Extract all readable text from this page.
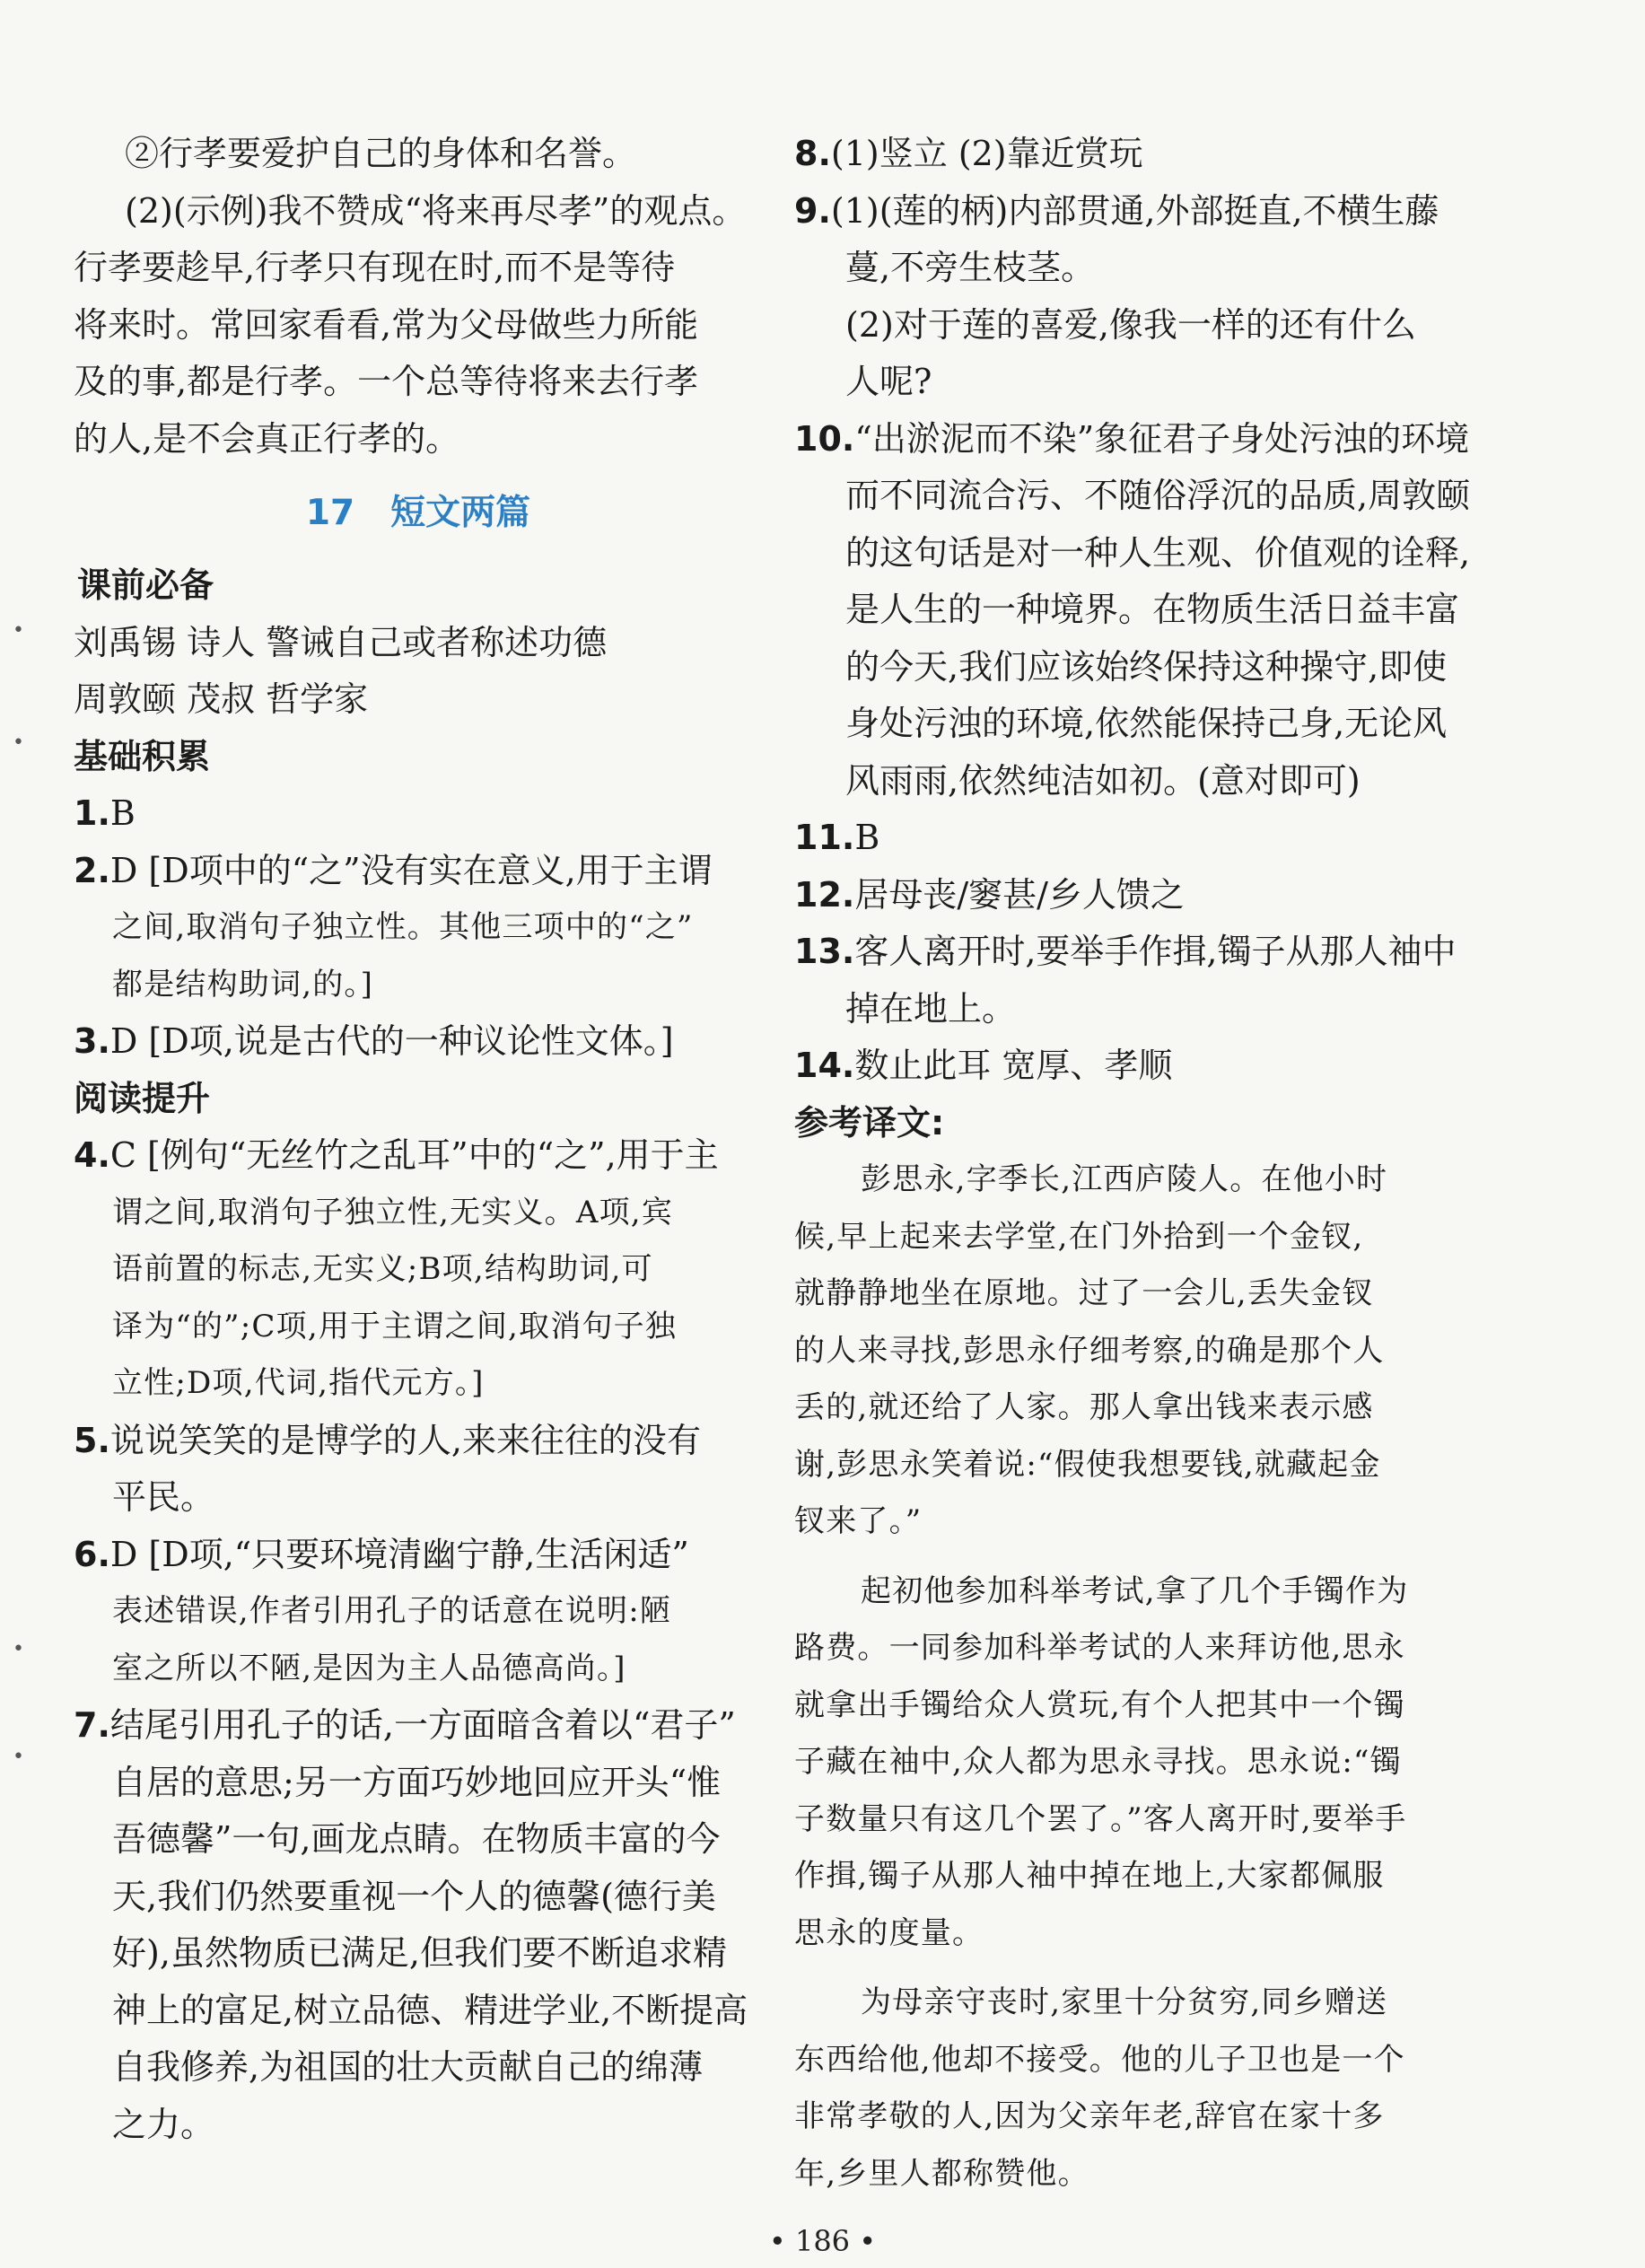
•
•
•
•
②行孝要爱护自己的身体和名誉。
(2)(示例)我不赞成“将来再尽孝”的观点。
行孝要趁早,行孝只有现在时,而不是等待
将来时。常回家看看,常为父母做些力所能
及的事,都是行孝。一个总等待将来去行孝
的人,是不会真正行孝的。
17 短文两篇
课前必备
刘禹锡 诗人 警诫自己或者称述功德
周敦颐 茂叔 哲学家
基础积累
1.B
2.D [D项中的“之”没有实在意义,用于主谓
之间,取消句子独立性。其他三项中的“之”
都是结构助词,的。]
3.D [D项,说是古代的一种议论性文体。]
阅读提升
4.C [例句“无丝竹之乱耳”中的“之”,用于主
谓之间,取消句子独立性,无实义。A项,宾
语前置的标志,无实义;B项,结构助词,可
译为“的”;C项,用于主谓之间,取消句子独
立性;D项,代词,指代元方。]
5.说说笑笑的是博学的人,来来往往的没有
平民。
6.D [D项,“只要环境清幽宁静,生活闲适”
表述错误,作者引用孔子的话意在说明:陋
室之所以不陋,是因为主人品德高尚。]
7.结尾引用孔子的话,一方面暗含着以“君子”
自居的意思;另一方面巧妙地回应开头“惟
吾德馨”一句,画龙点睛。在物质丰富的今
天,我们仍然要重视一个人的德馨(德行美
好),虽然物质已满足,但我们要不断追求精
神上的富足,树立品德、精进学业,不断提高
自我修养,为祖国的壮大贡献自己的绵薄
之力。
8.(1)竖立 (2)靠近赏玩
9.(1)(莲的柄)内部贯通,外部挺直,不横生藤
蔓,不旁生枝茎。
(2)对于莲的喜爱,像我一样的还有什么
人呢?
10.“出淤泥而不染”象征君子身处污浊的环境
而不同流合污、不随俗浮沉的品质,周敦颐
的这句话是对一种人生观、价值观的诠释,
是人生的一种境界。在物质生活日益丰富
的今天,我们应该始终保持这种操守,即使
身处污浊的环境,依然能保持己身,无论风
风雨雨,依然纯洁如初。(意对即可)
11.B
12.居母丧/窭甚/乡人馈之
13.客人离开时,要举手作揖,镯子从那人袖中
掉在地上。
14.数止此耳 宽厚、孝顺
参考译文:
彭思永,字季长,江西庐陵人。在他小时
候,早上起来去学堂,在门外拾到一个金钗,
就静静地坐在原地。过了一会儿,丢失金钗
的人来寻找,彭思永仔细考察,的确是那个人
丢的,就还给了人家。那人拿出钱来表示感
谢,彭思永笑着说:“假使我想要钱,就藏起金
钗来了。”
起初他参加科举考试,拿了几个手镯作为
路费。一同参加科举考试的人来拜访他,思永
就拿出手镯给众人赏玩,有个人把其中一个镯
子藏在袖中,众人都为思永寻找。思永说:“镯
子数量只有这几个罢了。”客人离开时,要举手
作揖,镯子从那人袖中掉在地上,大家都佩服
思永的度量。
为母亲守丧时,家里十分贫穷,同乡赠送
东西给他,他却不接受。他的儿子卫也是一个
非常孝敬的人,因为父亲年老,辞官在家十多
年,乡里人都称赞他。
• 186 •
